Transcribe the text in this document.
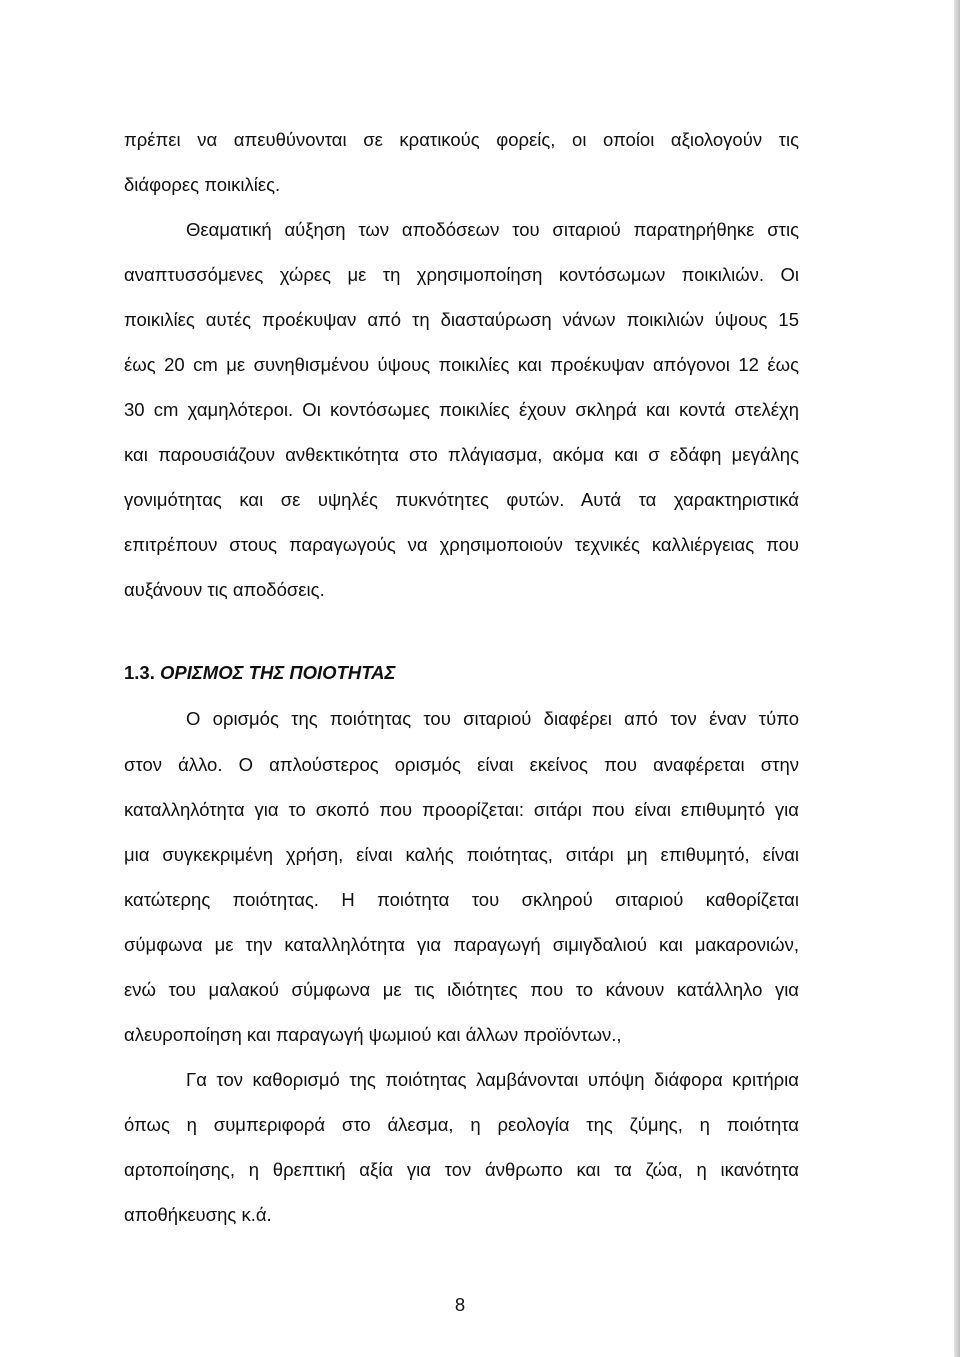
πρέπει να απευθύνονται σε κρατικούς φορείς, οι οποίοι αξιολογούν τις
διάφορες ποικιλίες.
Θεαματική αύξηση των αποδόσεων του σιταριού παρατηρήθηκε στις
αναπτυσσόμενες χώρες με τη χρησιμοποίηση κοντόσωμων ποικιλιών. Οι
ποικιλίες αυτές προέκυψαν από τη διασταύρωση νάνων ποικιλιών ύψους 15
έως 20 cm με συνηθισμένου ύψους ποικιλίες και προέκυψαν απόγονοι 12 έως
30 cm χαμηλότεροι. Οι κοντόσωμες ποικιλίες έχουν σκληρά και κοντά στελέχη
και παρουσιάζουν ανθεκτικότητα στο πλάγιασμα, ακόμα και σ εδάφη μεγάλης
γονιμότητας και σε υψηλές πυκνότητες φυτών. Αυτά τα χαρακτηριστικά
επιτρέπουν στους παραγωγούς να χρησιμοποιούν τεχνικές καλλιέργειας που
αυξάνουν τις αποδόσεις.
1.3. ΟΡΙΣΜΟΣ ΤΗΣ ΠΟΙΟΤΗΤΑΣ
Ο ορισμός της ποιότητας του σιταριού διαφέρει από τον έναν τύπο
στον άλλο. Ο απλούστερος ορισμός είναι εκείνος που αναφέρεται στην
καταλληλότητα για το σκοπό που προορίζεται: σιτάρι που είναι επιθυμητό για
μια συγκεκριμένη χρήση, είναι καλής ποιότητας, σιτάρι μη επιθυμητό, είναι
κατώτερης ποιότητας. Η ποιότητα του σκληρού σιταριού καθορίζεται
σύμφωνα με την καταλληλότητα για παραγωγή σιμιγδαλιού και μακαρονιών,
ενώ του μαλακού σύμφωνα με τις ιδιότητες που το κάνουν κατάλληλο για
αλευροποίηση και παραγωγή ψωμιού και άλλων προϊόντων.,
Γα τον καθορισμό της ποιότητας λαμβάνονται υπόψη διάφορα κριτήρια
όπως η συμπεριφορά στο άλεσμα, η ρεολογία της ζύμης, η ποιότητα
αρτοποίησης, η θρεπτική αξία για τον άνθρωπο και τα ζώα, η ικανότητα
αποθήκευσης κ.ά.
8
